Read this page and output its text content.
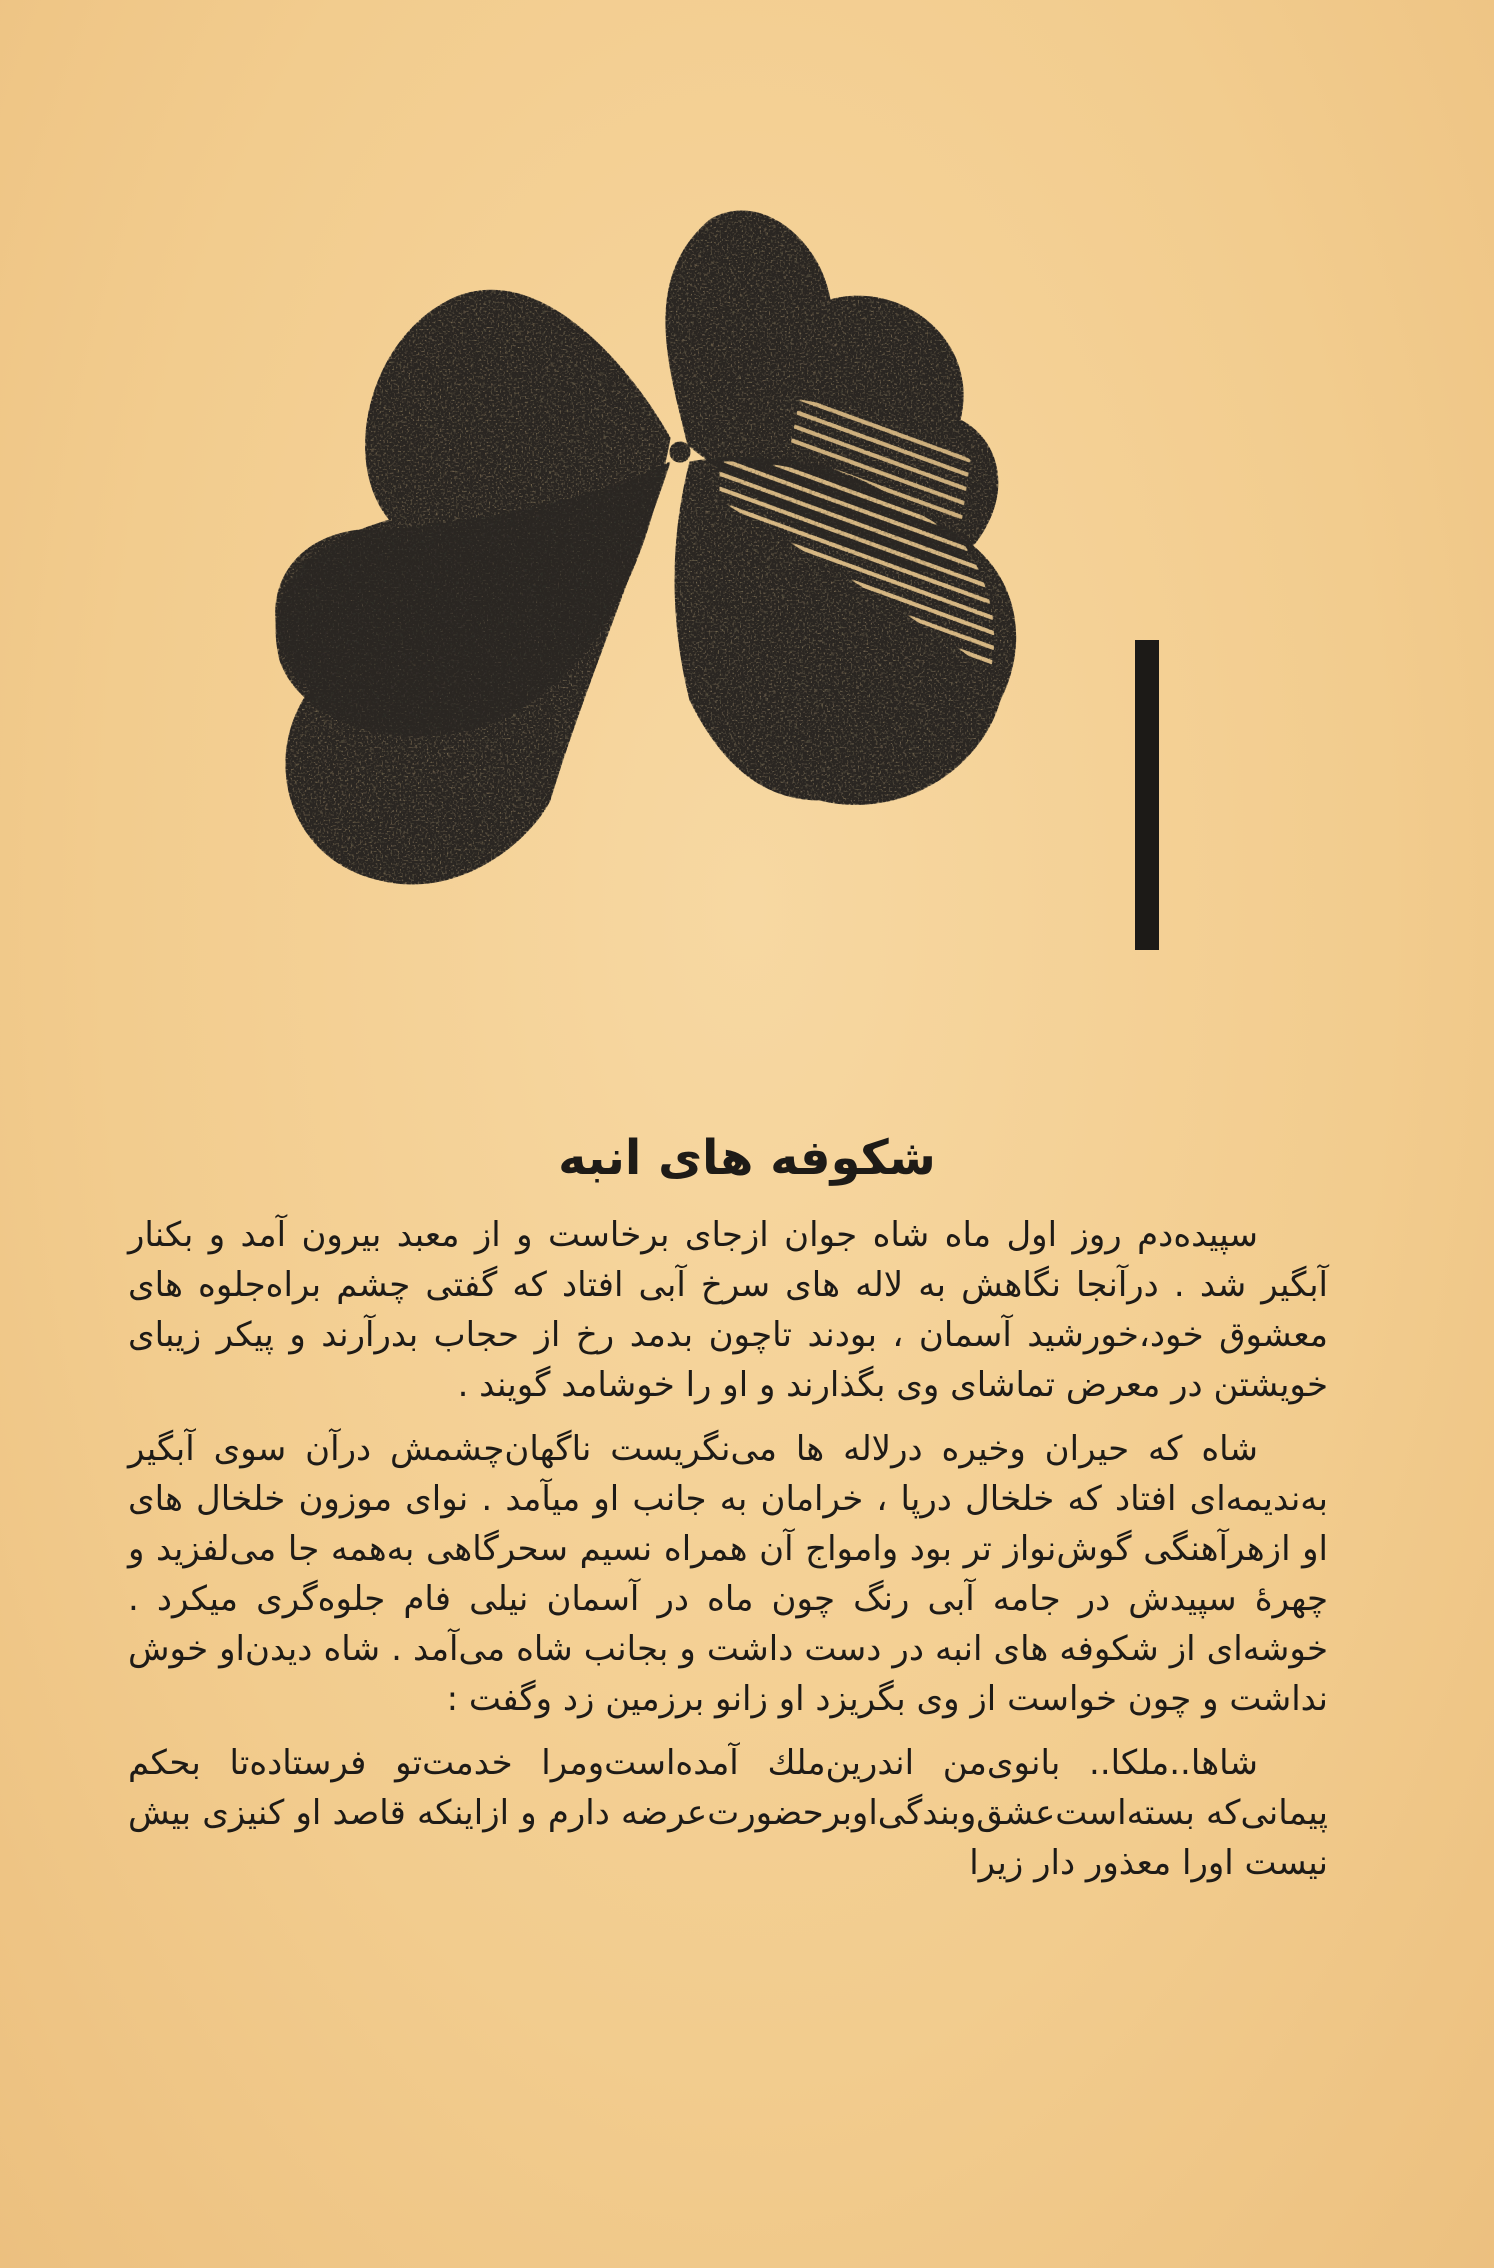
شکوفه های انبه

سپیده‌دم روز اول ماه شاه جوان ازجای برخاست و از معبد بیرون آمد و بکنار آبگیر شد . درآنجا نگاهش به لاله های سرخ آبی افتاد که گفتی چشم براه‌جلوه های معشوق خود،خورشید آسمان ، بودند تاچون بدمد رخ از حجاب بدرآرند و پیکر زیبای خویشتن در معرض تماشای وی بگذارند و او را خوشامد گویند .

شاه که حیران وخیره درلاله ها می‌نگریست ناگهان‌چشمش درآن سوی آبگیر به‌ندیمه‌ای افتاد که خلخال درپا ، خرامان به جانب او میآمد . نوای موزون خلخال های او ازهرآهنگی گوش‌نواز تر بود وامواج آن همراه نسیم سحرگاهی به‌همه جا می‌لفزید و چهرهٔ سپیدش در جامه آبی رنگ چون ماه در آسمان نیلی فام جلوه‌گری میکرد . خوشه‌ای از شکوفه های انبه در دست داشت و بجانب شاه می‌آمد . شاه دیدن‌او خوش نداشت و چون خواست از وی بگریزد او زانو برزمین زد وگفت :

شاها..ملکا.. بانوی‌من اندرین‌ملك آمده‌است‌ومرا خدمت‌تو فرستاده‌تا بحکم پیمانی‌که بسته‌است‌عشق‌وبندگی‌اوبرحضورت‌عرضه دارم و ازاینکه قاصد او کنیزی بیش نیست اورا معذور دار زیرا
